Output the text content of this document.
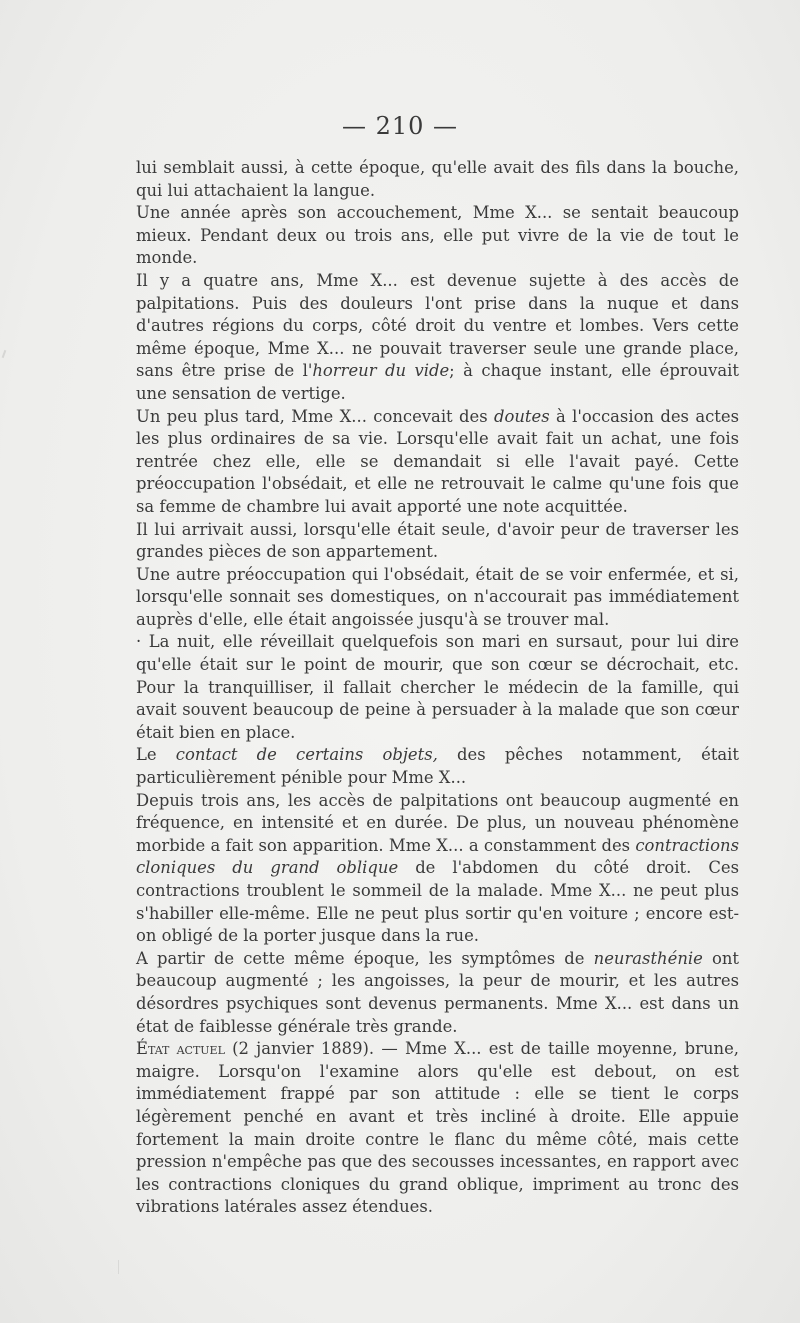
— 210 —

lui semblait aussi, à cette époque, qu'elle avait des fils dans la bouche, qui lui attachaient la langue.

Une année après son accouchement, Mme X... se sentait beaucoup mieux. Pendant deux ou trois ans, elle put vivre de la vie de tout le monde.

Il y a quatre ans, Mme X... est devenue sujette à des accès de palpitations. Puis des douleurs l'ont prise dans la nuque et dans d'autres régions du corps, côté droit du ventre et lombes. Vers cette même époque, Mme X... ne pouvait traverser seule une grande place, sans être prise de l'horreur du vide; à chaque instant, elle éprouvait une sensation de vertige.

Un peu plus tard, Mme X... concevait des doutes à l'occasion des actes les plus ordinaires de sa vie. Lorsqu'elle avait fait un achat, une fois rentrée chez elle, elle se demandait si elle l'avait payé. Cette préoccupation l'obsédait, et elle ne retrouvait le calme qu'une fois que sa femme de chambre lui avait apporté une note acquittée.

Il lui arrivait aussi, lorsqu'elle était seule, d'avoir peur de traverser les grandes pièces de son appartement.

Une autre préoccupation qui l'obsédait, était de se voir enfermée, et si, lorsqu'elle sonnait ses domestiques, on n'accourait pas immédiatement auprès d'elle, elle était angoissée jusqu'à se trouver mal.

· La nuit, elle réveillait quelquefois son mari en sursaut, pour lui dire qu'elle était sur le point de mourir, que son cœur se décrochait, etc. Pour la tranquilliser, il fallait chercher le médecin de la famille, qui avait souvent beaucoup de peine à persuader à la malade que son cœur était bien en place.

Le contact de certains objets, des pêches notamment, était particulièrement pénible pour Mme X...

Depuis trois ans, les accès de palpitations ont beaucoup augmenté en fréquence, en intensité et en durée. De plus, un nouveau phénomène morbide a fait son apparition. Mme X... a constamment des contractions cloniques du grand oblique de l'abdomen du côté droit. Ces contractions troublent le sommeil de la malade. Mme X... ne peut plus s'habiller elle-même. Elle ne peut plus sortir qu'en voiture ; encore est-on obligé de la porter jusque dans la rue.

A partir de cette même époque, les symptômes de neurasthénie ont beaucoup augmenté ; les angoisses, la peur de mourir, et les autres désordres psychiques sont devenus permanents. Mme X... est dans un état de faiblesse générale très grande.

État actuel (2 janvier 1889). — Mme X... est de taille moyenne, brune, maigre. Lorsqu'on l'examine alors qu'elle est debout, on est immédiatement frappé par son attitude : elle se tient le corps légèrement penché en avant et très incliné à droite. Elle appuie fortement la main droite contre le flanc du même côté, mais cette pression n'empêche pas que des secousses incessantes, en rapport avec les contractions cloniques du grand oblique, impriment au tronc des vibrations latérales assez étendues.
